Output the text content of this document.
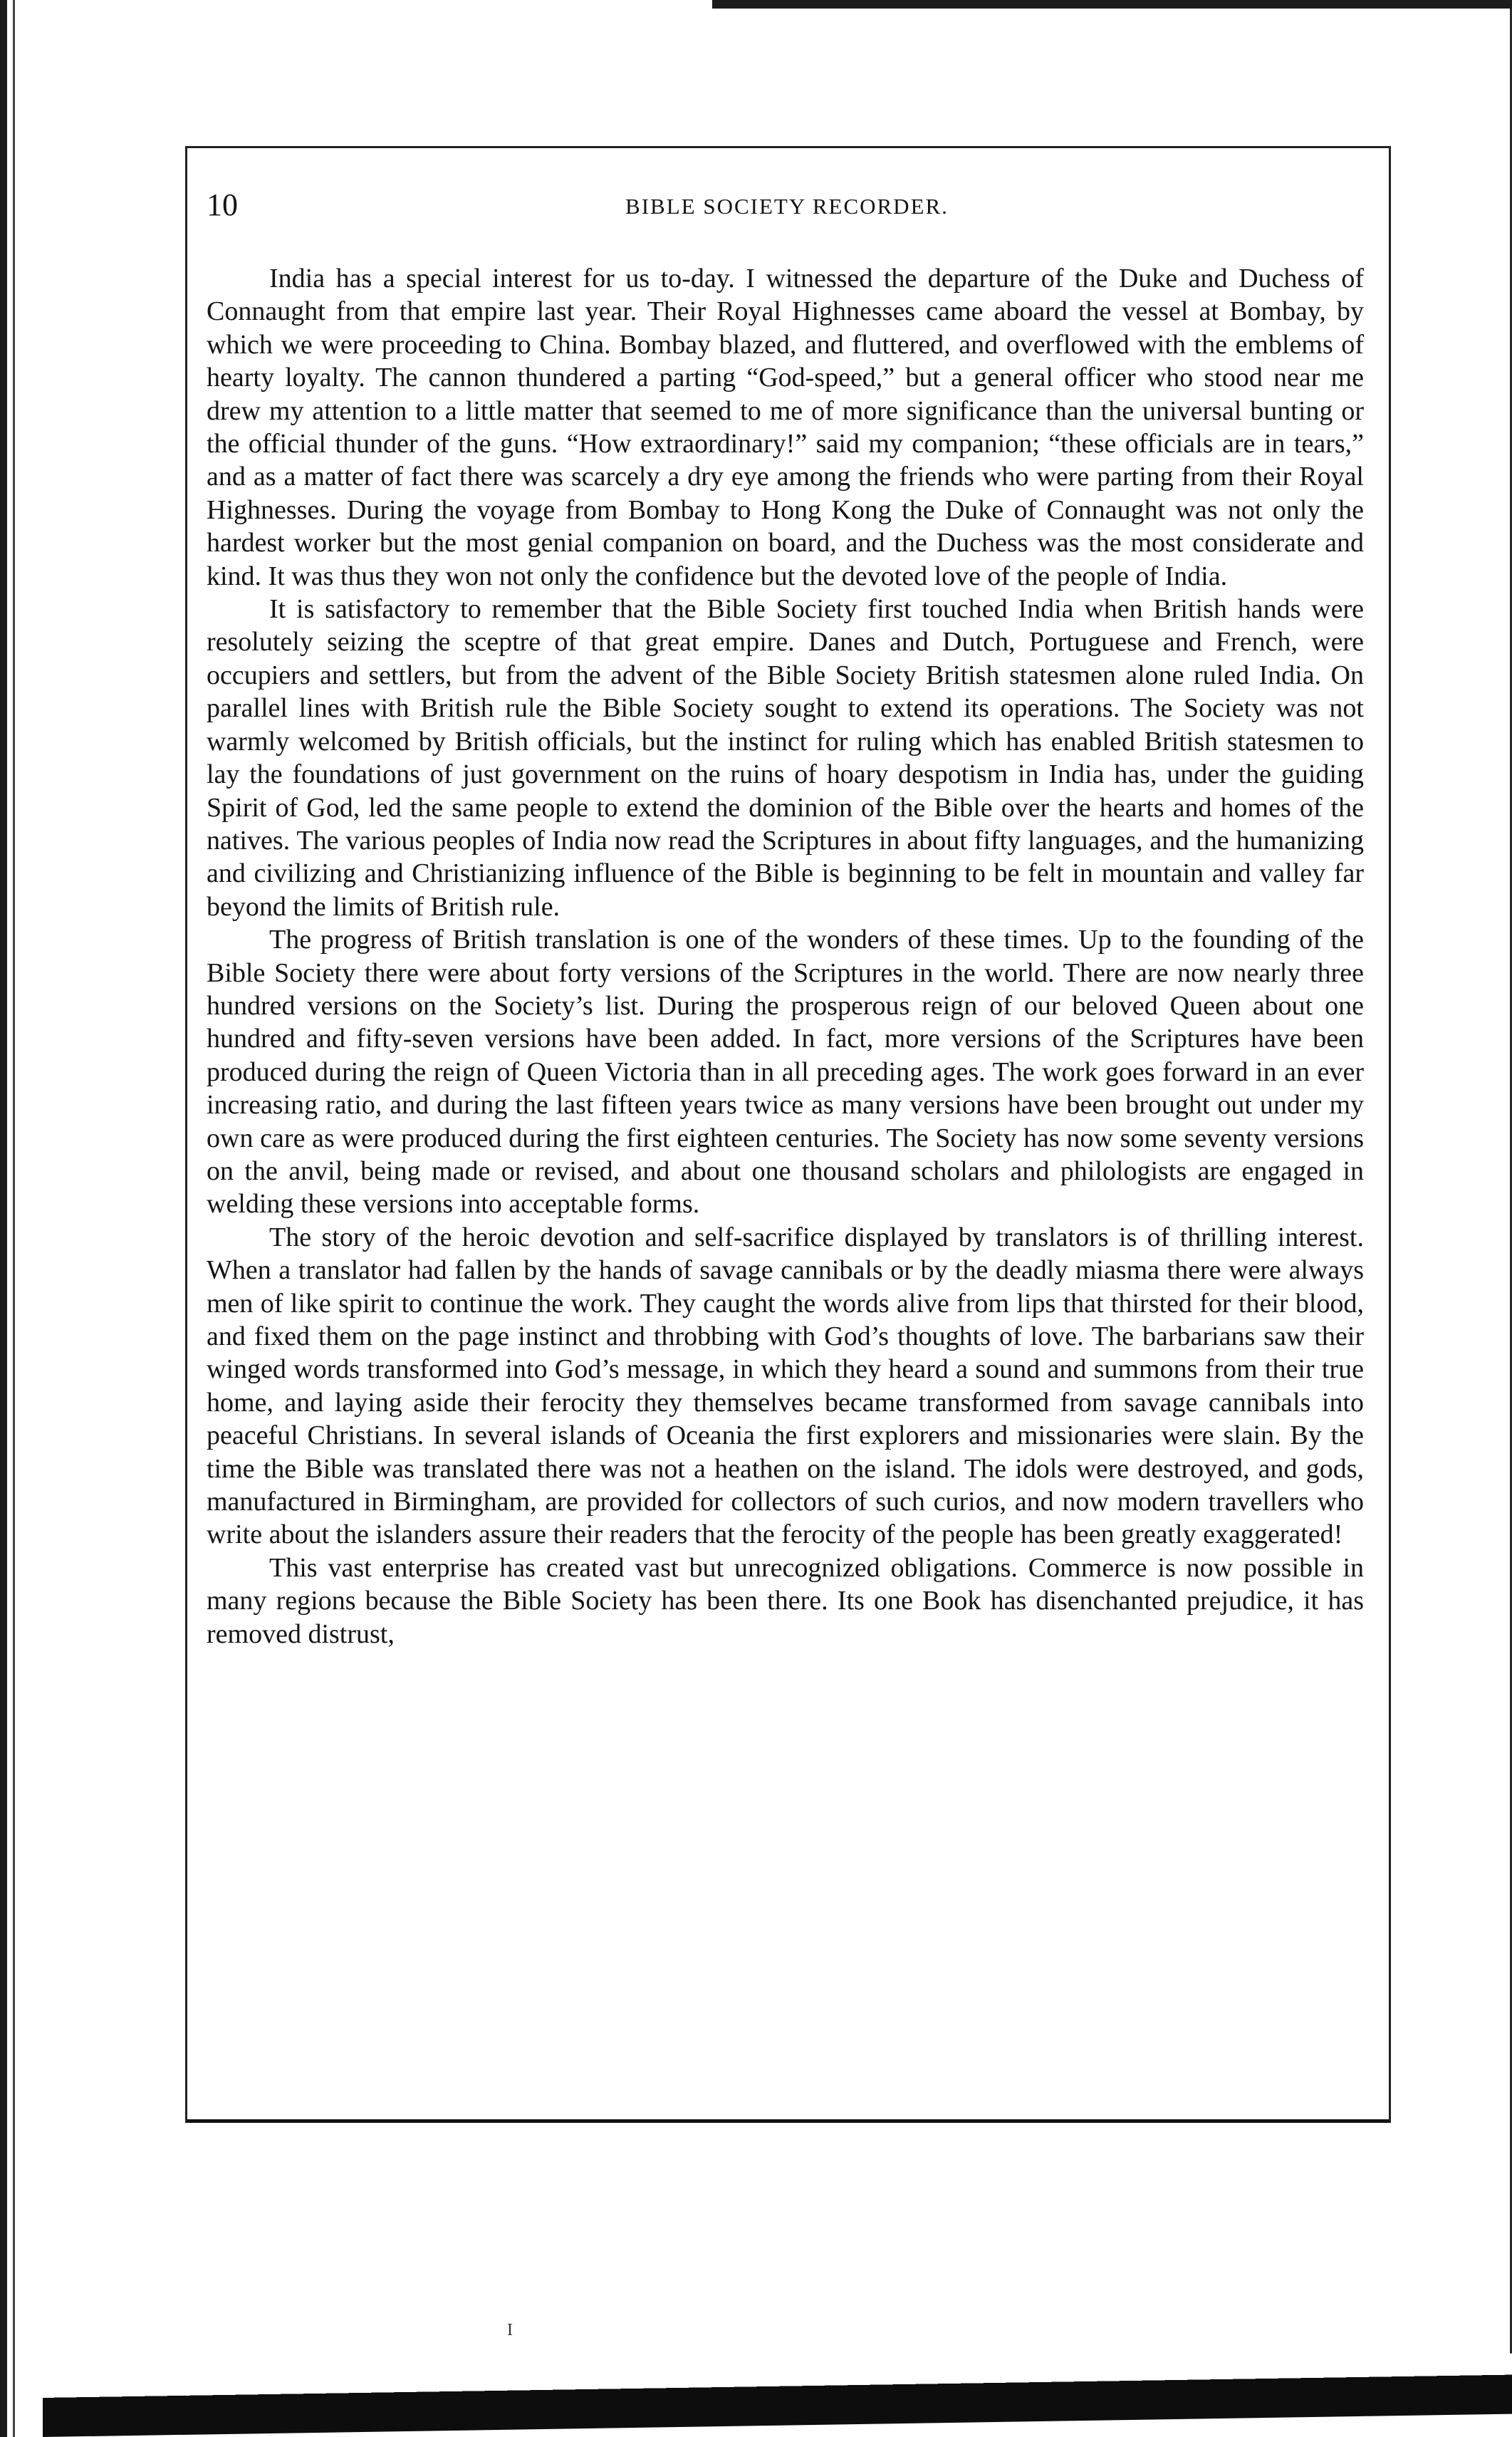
10	BIBLE SOCIETY RECORDER.

India has a special interest for us to-day. I witnessed the departure of the Duke and Duchess of Connaught from that empire last year. Their Royal Highnesses came aboard the vessel at Bombay, by which we were proceeding to China. Bombay blazed, and fluttered, and overflowed with the emblems of hearty loyalty. The cannon thundered a parting “God-speed,” but a general officer who stood near me drew my attention to a little matter that seemed to me of more significance than the universal bunting or the official thunder of the guns. “How extraordinary!” said my companion; “these officials are in tears,” and as a matter of fact there was scarcely a dry eye among the friends who were parting from their Royal Highnesses. During the voyage from Bombay to Hong Kong the Duke of Connaught was not only the hardest worker but the most genial companion on board, and the Duchess was the most considerate and kind. It was thus they won not only the confidence but the devoted love of the people of India.

It is satisfactory to remember that the Bible Society first touched India when British hands were resolutely seizing the sceptre of that great empire. Danes and Dutch, Portuguese and French, were occupiers and settlers, but from the advent of the Bible Society British statesmen alone ruled India. On parallel lines with British rule the Bible Society sought to extend its operations. The Society was not warmly welcomed by British officials, but the instinct for ruling which has enabled British statesmen to lay the foundations of just government on the ruins of hoary despotism in India has, under the guiding Spirit of God, led the same people to extend the dominion of the Bible over the hearts and homes of the natives. The various peoples of India now read the Scriptures in about fifty languages, and the humanizing and civilizing and Christianizing influence of the Bible is beginning to be felt in mountain and valley far beyond the limits of British rule.

The progress of British translation is one of the wonders of these times. Up to the founding of the Bible Society there were about forty versions of the Scriptures in the world. There are now nearly three hundred versions on the Society’s list. During the prosperous reign of our beloved Queen about one hundred and fifty-seven versions have been added. In fact, more versions of the Scriptures have been produced during the reign of Queen Victoria than in all preceding ages. The work goes forward in an ever increasing ratio, and during the last fifteen years twice as many versions have been brought out under my own care as were produced during the first eighteen centuries. The Society has now some seventy versions on the anvil, being made or revised, and about one thousand scholars and philologists are engaged in welding these versions into acceptable forms.

The story of the heroic devotion and self-sacrifice displayed by translators is of thrilling interest. When a translator had fallen by the hands of savage cannibals or by the deadly miasma there were always men of like spirit to continue the work. They caught the words alive from lips that thirsted for their blood, and fixed them on the page instinct and throbbing with God’s thoughts of love. The barbarians saw their winged words transformed into God’s message, in which they heard a sound and summons from their true home, and laying aside their ferocity they themselves became transformed from savage cannibals into peaceful Christians. In several islands of Oceania the first explorers and missionaries were slain. By the time the Bible was translated there was not a heathen on the island. The idols were destroyed, and gods, manufactured in Birmingham, are provided for collectors of such curios, and now modern travellers who write about the islanders assure their readers that the ferocity of the people has been greatly exaggerated!

This vast enterprise has created vast but unrecognized obligations. Commerce is now possible in many regions because the Bible Society has been there. Its one Book has disenchanted prejudice, it has removed distrust,

I
